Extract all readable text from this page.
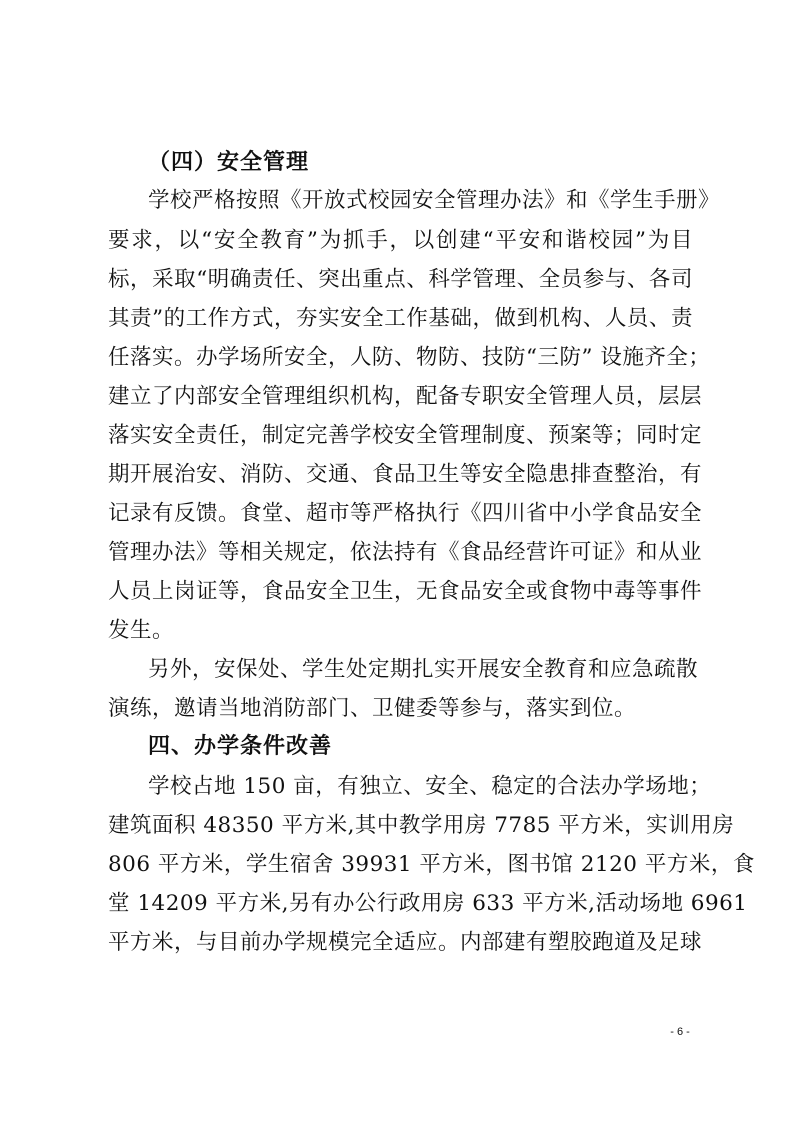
（四）安全管理
学校严格按照《开放式校园安全管理办法》和《学生手册》
要求，以“安全教育”为抓手，以创建“平安和谐校园”为目
标，采取“明确责任、突出重点、科学管理、全员参与、各司
其责”的工作方式，夯实安全工作基础，做到机构、人员、责
任落实。办学场所安全，人防、物防、技防“三防” 设施齐全；
建立了内部安全管理组织机构，配备专职安全管理人员，层层
落实安全责任，制定完善学校安全管理制度、预案等；同时定
期开展治安、消防、交通、食品卫生等安全隐患排查整治，有
记录有反馈。食堂、超市等严格执行《四川省中小学食品安全
管理办法》等相关规定，依法持有《食品经营许可证》和从业
人员上岗证等，食品安全卫生，无食品安全或食物中毒等事件
发生。
另外，安保处、学生处定期扎实开展安全教育和应急疏散
演练，邀请当地消防部门、卫健委等参与，落实到位。
四、办学条件改善
学校占地 150 亩，有独立、安全、稳定的合法办学场地；
建筑面积 48350 平方米,其中教学用房 7785 平方米，实训用房
806 平方米，学生宿舍 39931 平方米，图书馆 2120 平方米，食
堂 14209 平方米,另有办公行政用房 633 平方米,活动场地 6961
平方米，与目前办学规模完全适应。内部建有塑胶跑道及足球
- 6 -
